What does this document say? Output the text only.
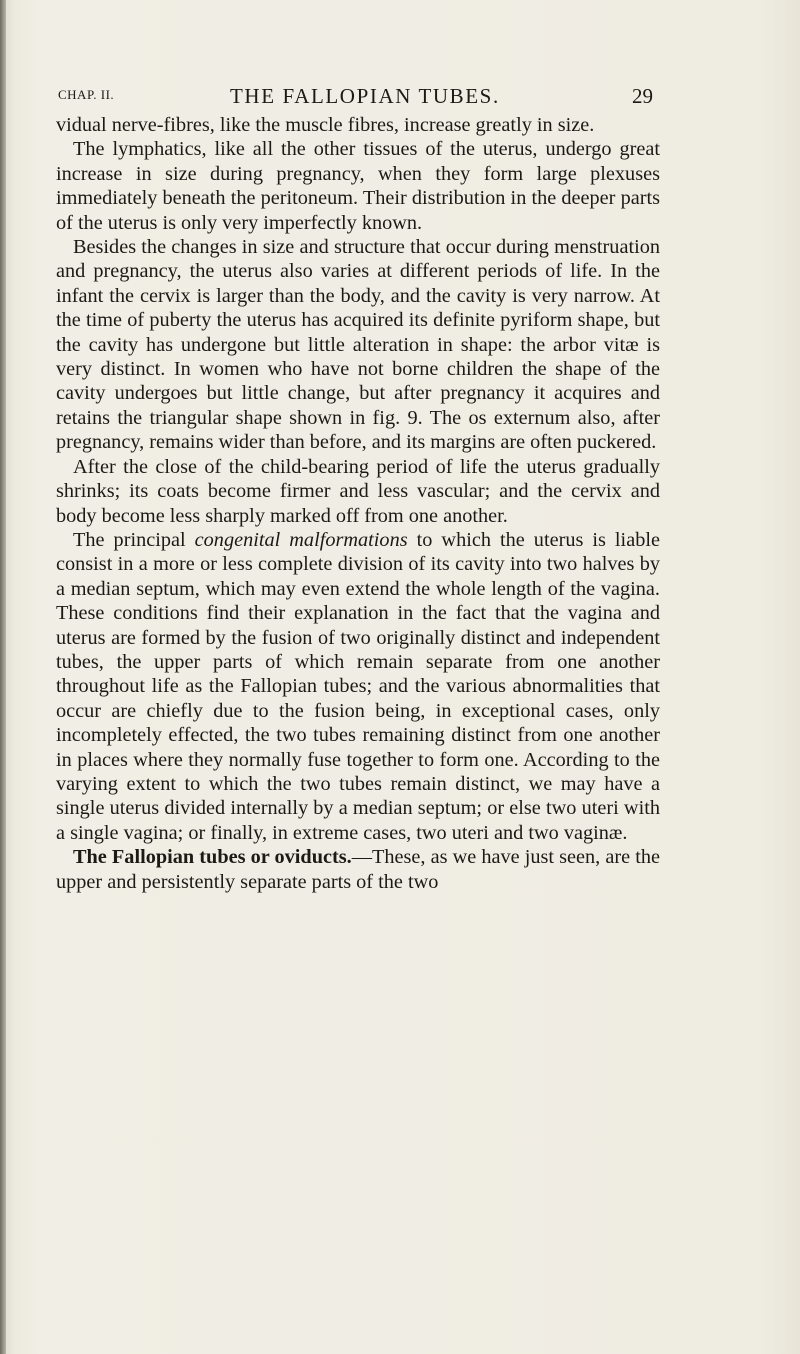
CHAP. II.	THE FALLOPIAN TUBES.	29

vidual nerve-fibres, like the muscle fibres, increase greatly in size.

The lymphatics, like all the other tissues of the uterus, undergo great increase in size during pregnancy, when they form large plexuses immediately beneath the peritoneum. Their distribution in the deeper parts of the uterus is only very imperfectly known.

Besides the changes in size and structure that occur during menstruation and pregnancy, the uterus also varies at different periods of life. In the infant the cervix is larger than the body, and the cavity is very narrow. At the time of puberty the uterus has acquired its definite pyriform shape, but the cavity has undergone but little alteration in shape: the arbor vitæ is very distinct. In women who have not borne children the shape of the cavity undergoes but little change, but after pregnancy it acquires and retains the triangular shape shown in fig. 9. The os externum also, after pregnancy, remains wider than before, and its margins are often puckered.

After the close of the child-bearing period of life the uterus gradually shrinks; its coats become firmer and less vascular; and the cervix and body become less sharply marked off from one another.

The principal congenital malformations to which the uterus is liable consist in a more or less complete division of its cavity into two halves by a median septum, which may even extend the whole length of the vagina. These conditions find their explanation in the fact that the vagina and uterus are formed by the fusion of two originally distinct and independent tubes, the upper parts of which remain separate from one another throughout life as the Fallopian tubes; and the various abnormalities that occur are chiefly due to the fusion being, in exceptional cases, only incompletely effected, the two tubes remaining distinct from one another in places where they normally fuse together to form one. According to the varying extent to which the two tubes remain distinct, we may have a single uterus divided internally by a median septum; or else two uteri with a single vagina; or finally, in extreme cases, two uteri and two vaginæ.

The Fallopian tubes or oviducts.—These, as we have just seen, are the upper and persistently separate parts of the two
